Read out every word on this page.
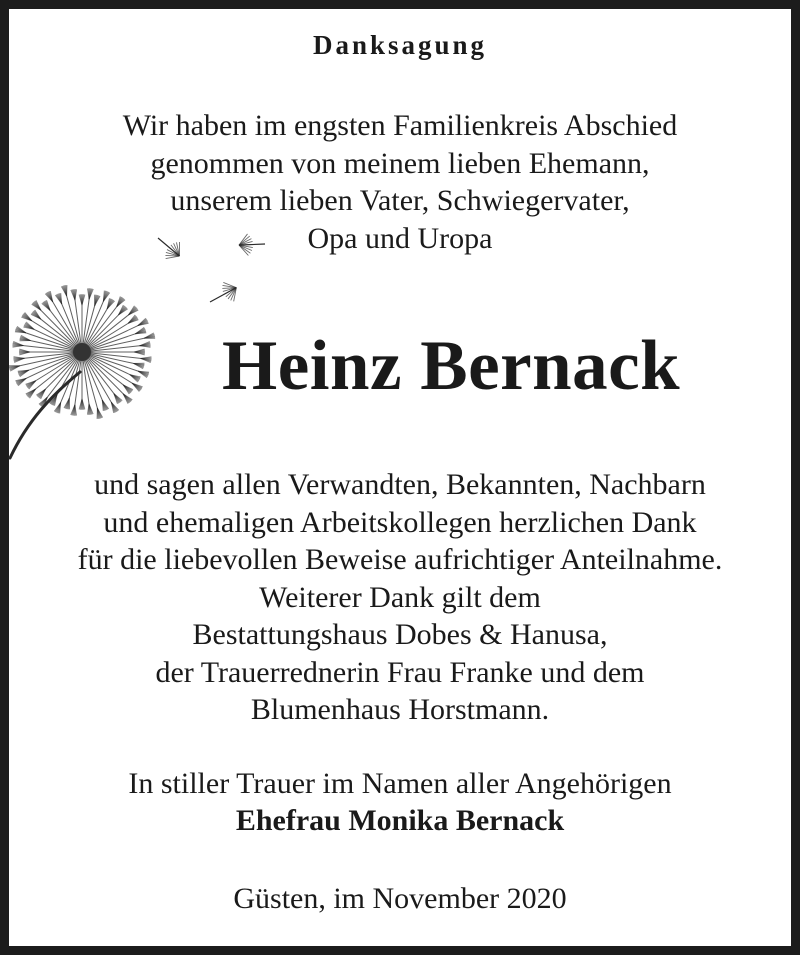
Danksagung
Wir haben im engsten Familienkreis Abschied
genommen von meinem lieben Ehemann,
unserem lieben Vater, Schwiegervater,
Opa und Uropa
Heinz Bernack
und sagen allen Verwandten, Bekannten, Nachbarn
und ehemaligen Arbeitskollegen herzlichen Dank
für die liebevollen Beweise aufrichtiger Anteilnahme.
Weiterer Dank gilt dem
Bestattungshaus Dobes & Hanusa,
der Trauerrednerin Frau Franke und dem
Blumenhaus Horstmann.
In stiller Trauer im Namen aller Angehörigen
Ehefrau Monika Bernack
Güsten, im November 2020
